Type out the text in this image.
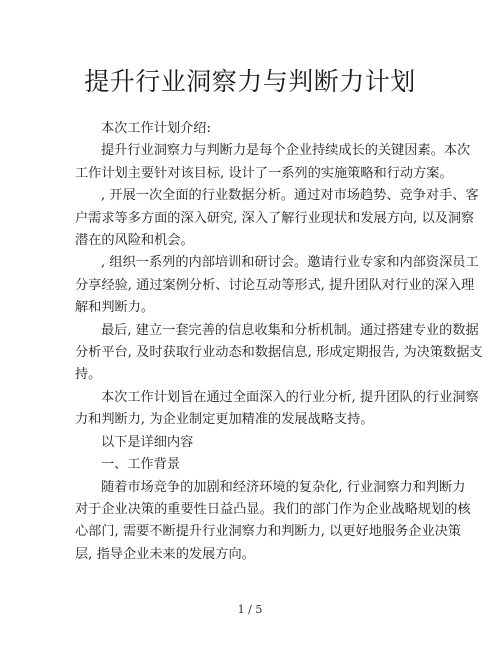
提升行业洞察力与判断力计划

本次工作计划介绍:

提升行业洞察力与判断力是每个企业持续成长的关键因素。本次
工作计划主要针对该目标, 设计了一系列的实施策略和行动方案。

, 开展一次全面的行业数据分析。通过对市场趋势、竞争对手、客
户需求等多方面的深入研究, 深入了解行业现状和发展方向, 以及洞察
潜在的风险和机会。

, 组织一系列的内部培训和研讨会。邀请行业专家和内部资深员工
分享经验, 通过案例分析、讨论互动等形式, 提升团队对行业的深入理
解和判断力。

最后, 建立一套完善的信息收集和分析机制。通过搭建专业的数据
分析平台, 及时获取行业动态和数据信息, 形成定期报告, 为决策数据支
持。

本次工作计划旨在通过全面深入的行业分析, 提升团队的行业洞察
力和判断力, 为企业制定更加精准的发展战略支持。

以下是详细内容

一、工作背景

随着市场竞争的加剧和经济环境的复杂化, 行业洞察力和判断力
对于企业决策的重要性日益凸显。我们的部门作为企业战略规划的核
心部门, 需要不断提升行业洞察力和判断力, 以更好地服务企业决策
层, 指导企业未来的发展方向。

1 / 5
